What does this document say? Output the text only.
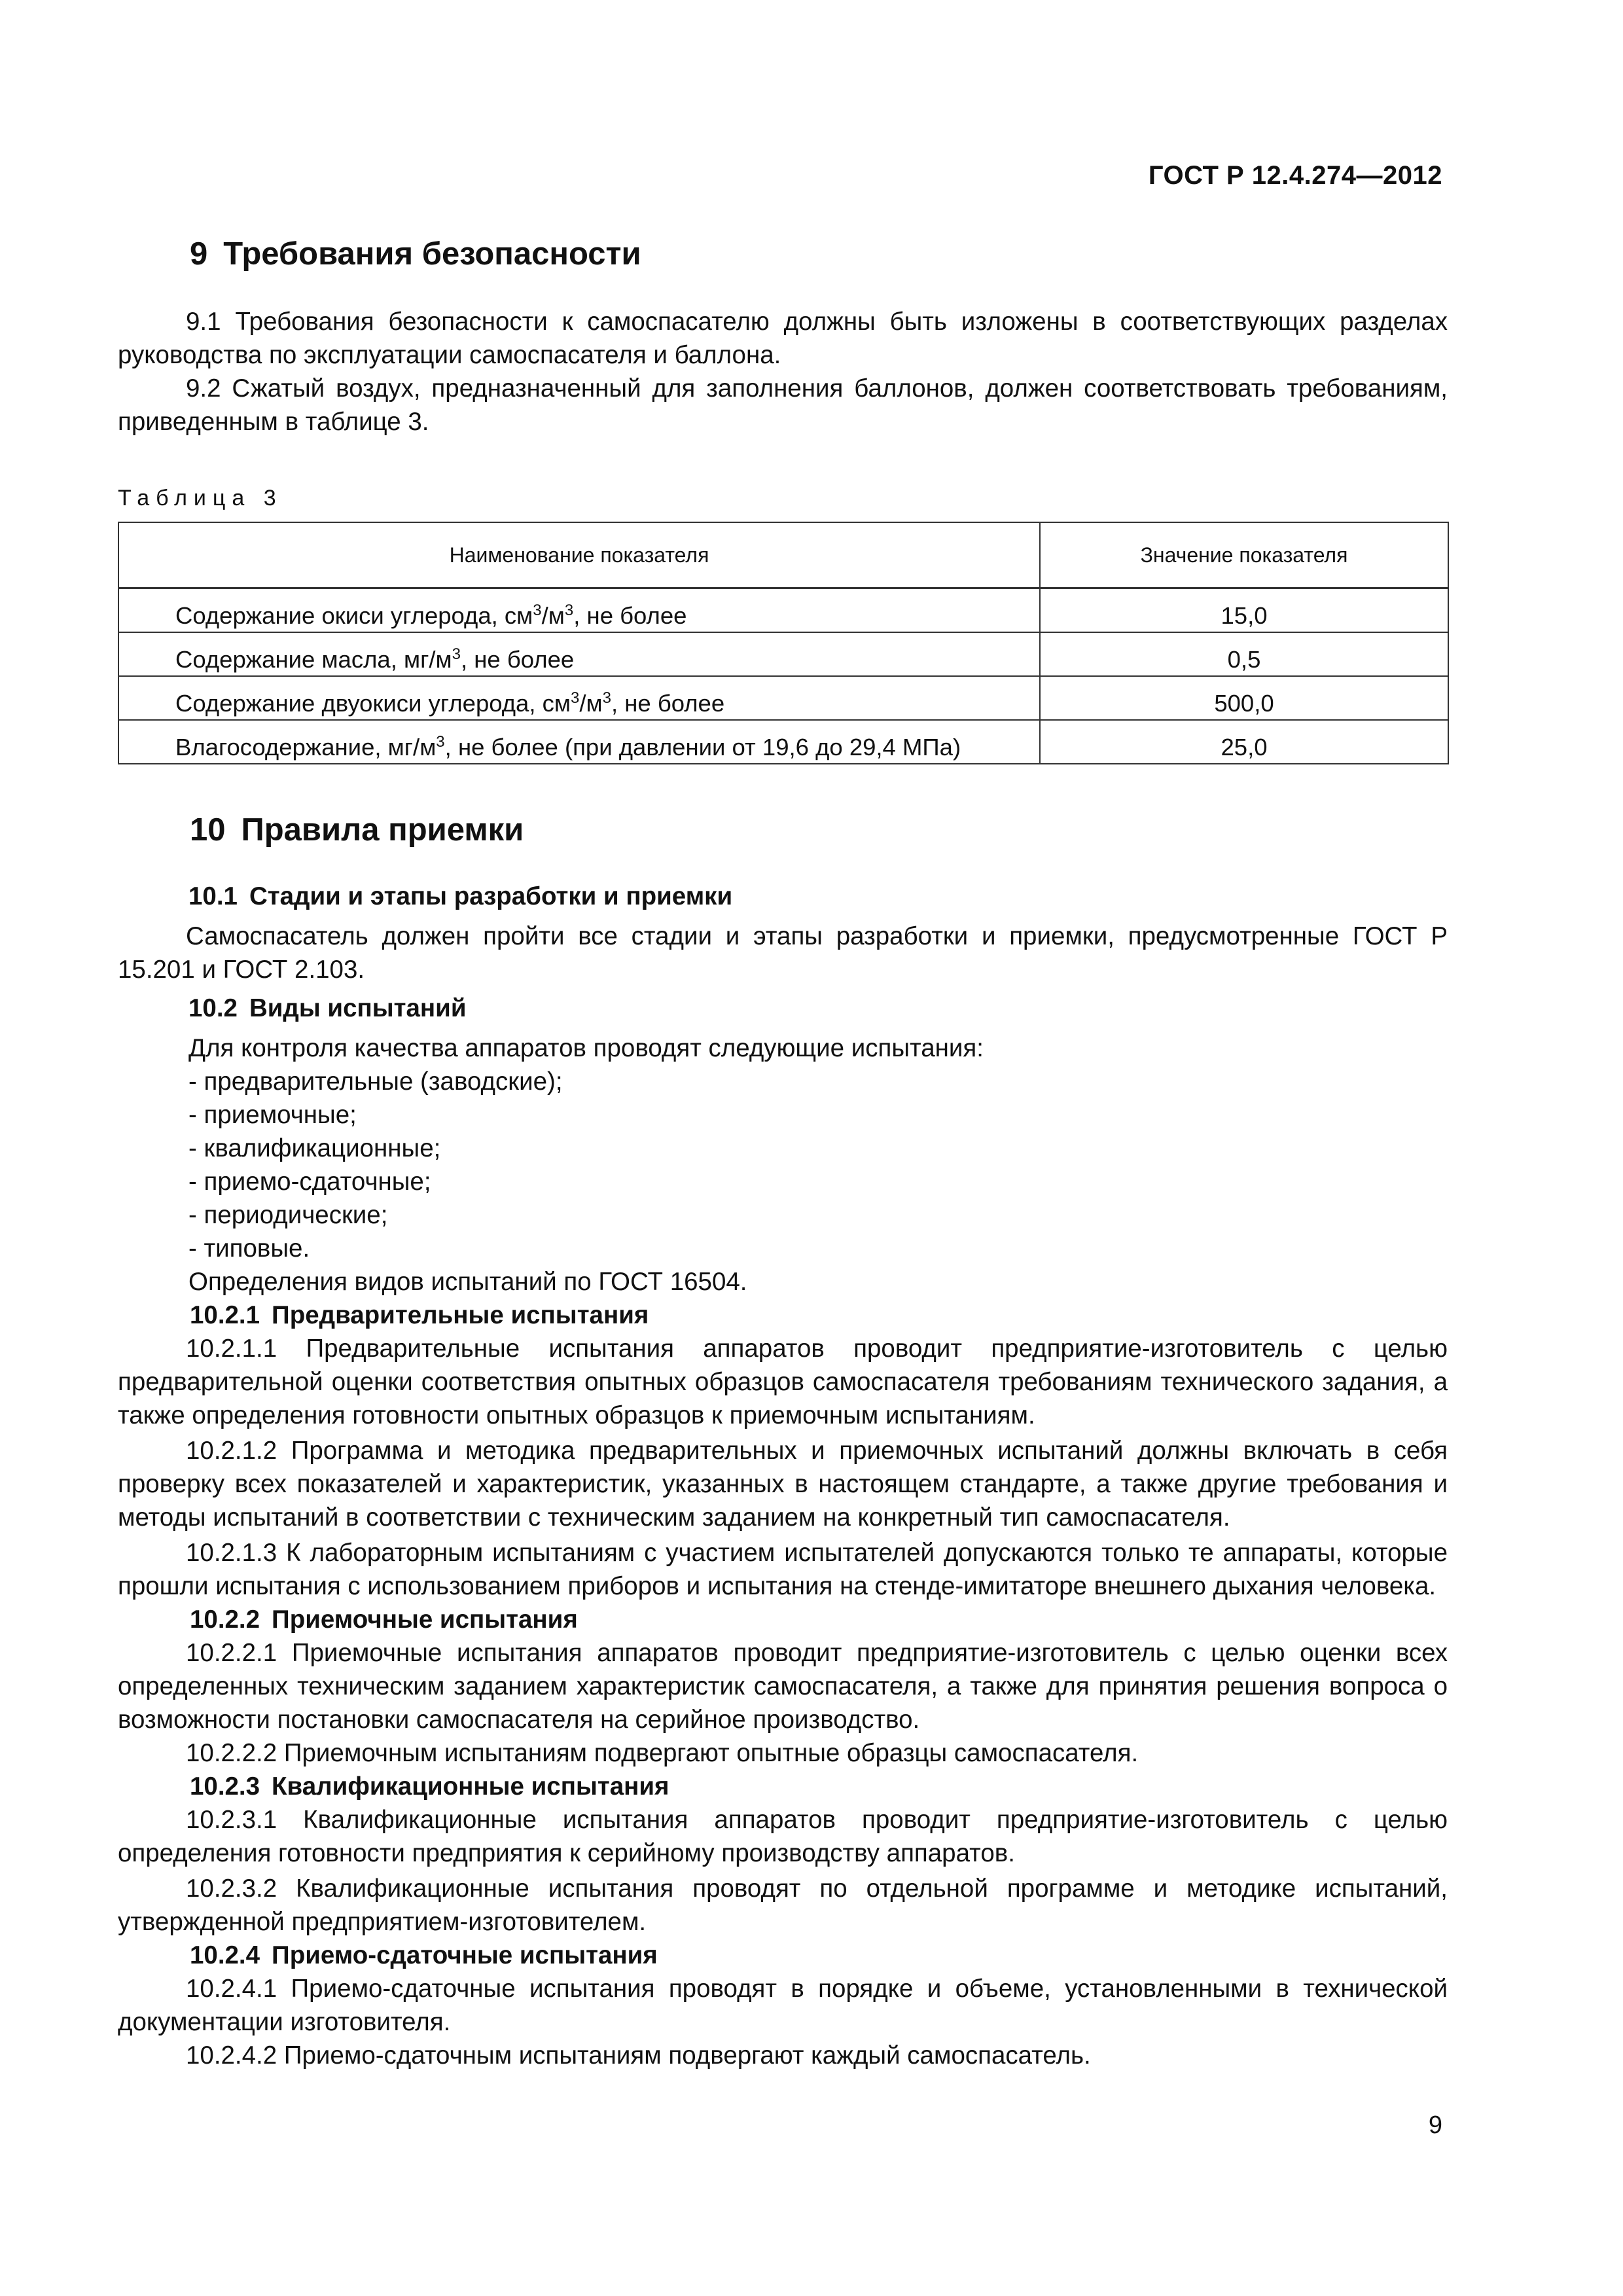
ГОСТ Р 12.4.274—2012
9 Требования безопасности

9.1 Требования безопасности к самоспасателю должны быть изложены в соответствующих разделах руководства по эксплуатации самоспасателя и баллона.

9.2 Сжатый воздух, предназначенный для заполнения баллонов, должен соответствовать требованиям, приведенным в таблице 3.

Таблица 3
Наименование показателя	Значение показателя
Содержание окиси углерода, $см^3/м^3$, не более	15,0
Содержание масла, $мг/м^3$, не более	0,5
Содержание двуокиси углерода, $см^3/м^3$, не более	500,0
Влагосодержание, $мг/м^3$, не более (при давлении от 19,6 до 29,4 МПа)	25,0
10 Правила приемки
10.1 Стадии и этапы разработки и приемки

Самоспасатель должен пройти все стадии и этапы разработки и приемки, предусмотренные ГОСТ Р 15.201 и ГОСТ 2.103.

10.2 Виды испытаний

Для контроля качества аппаратов проводят следующие испытания:

- предварительные (заводские);
- приемочные;
- квалификационные;
- приемо-сдаточные;
- периодические;
- типовые.

Определения видов испытаний по ГОСТ 16504.

10.2.1 Предварительные испытания

10.2.1.1 Предварительные испытания аппаратов проводит предприятие-изготовитель с целью предварительной оценки соответствия опытных образцов самоспасателя требованиям технического задания, а также определения готовности опытных образцов к приемочным испытаниям.

10.2.1.2 Программа и методика предварительных и приемочных испытаний должны включать в себя проверку всех показателей и характеристик, указанных в настоящем стандарте, а также другие требования и методы испытаний в соответствии с техническим заданием на конкретный тип самоспасателя.

10.2.1.3 К лабораторным испытаниям с участием испытателей допускаются только те аппараты, которые прошли испытания с использованием приборов и испытания на стенде-имитаторе внешнего дыхания человека.

10.2.2 Приемочные испытания

10.2.2.1 Приемочные испытания аппаратов проводит предприятие-изготовитель с целью оценки всех определенных техническим заданием характеристик самоспасателя, а также для принятия решения вопроса о возможности постановки самоспасателя на серийное производство.

10.2.2.2 Приемочным испытаниям подвергают опытные образцы самоспасателя.

10.2.3 Квалификационные испытания

10.2.3.1 Квалификационные испытания аппаратов проводит предприятие-изготовитель с целью определения готовности предприятия к серийному производству аппаратов.

10.2.3.2 Квалификационные испытания проводят по отдельной программе и методике испытаний, утвержденной предприятием-изготовителем.

10.2.4 Приемо-сдаточные испытания

10.2.4.1 Приемо-сдаточные испытания проводят в порядке и объеме, установленными в технической документации изготовителя.

10.2.4.2 Приемо-сдаточным испытаниям подвергают каждый самоспасатель.

9
